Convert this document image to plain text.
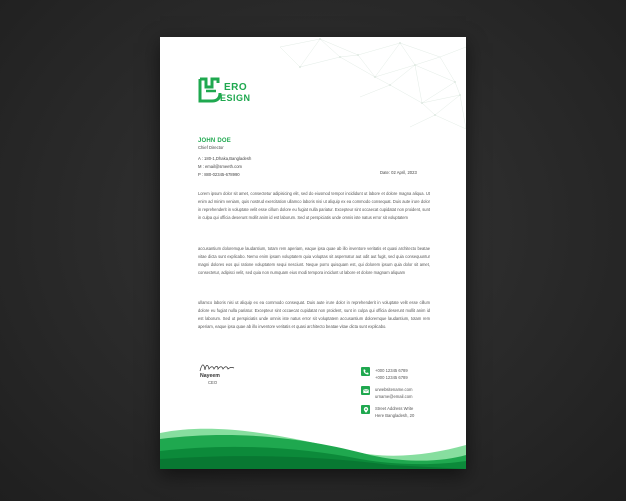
ERO
ESIGN
JOHN DOE
Chief Director
A : 180-1,Dhaka,Bangladesh
M : email@smeeth.com
P : 880-02345-678990	Date: 02 April, 2023

Lorem ipsum dolor sit amet, consectetur adipisicing elit, sed do eiusmod tempor incididunt ut labore et dolore magna aliqua. Ut enim ad minim veniam, quis nostrud exercitation ullamco laboris nisi ut aliquip ex ea commodo consequat. Duis aute irure dolor in reprehenderit in voluptate velit esse cillum dolore eu fugiat nulla pariatur. Excepteur sint occaecat cupidatat non proident, sunt in culpa qui officia deserunt mollit anim id est laborum. Sed ut perspiciatis unde omnis iste natus error sit voluptatem

accusantium doloremque laudantium, totam rem aperiam, eaque ipsa quae ab illo inventore veritatis et quasi architecto beatae vitae dicta sunt explicabo. Nemo enim ipsam voluptatem quia voluptas sit aspernatur aut odit aut fugit, sed quia consequuntur magni dolores eos qui ratione voluptatem sequi nesciunt. Neque porro quisquam est, qui dolorem ipsum quia dolor sit amet, consectetur, adipisci velit, sed quia non numquam eius modi tempora incidunt ut labore et dolore magnam aliquam

ullamco laboris nisi ut aliquip ex ea commodo consequat. Duis aute irure dolor in reprehenderit in voluptate velit esse cillum dolore eu fugiat nulla pariatur. Excepteur sint occaecat cupidatat non proident, sunt in culpa qui officia deserunt mollit anim id est laborum. Sed ut perspiciatis unde omnis iste natus error sit voluptatem accusantium doloremque laudantium, totam rem aperiam, eaque ipsa quae ab illo inventore veritatis et quasi architecto beatae vitae dicta sunt explicabo.

Nayeem
CEO
+000 12345 6789
+000 12345 6789
urwebsitename.com
urname@email.com
Street Address Write
Here Bangladesh, 20
